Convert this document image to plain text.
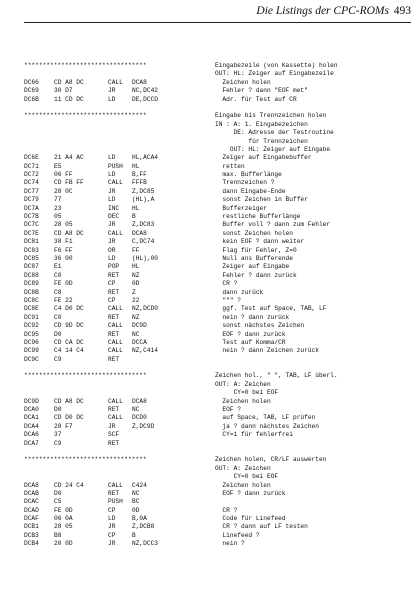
Die Listings der CPC-ROMs 493
*********************************	Eingabezeile (von Kassette) holen
OUT: HL: Zeiger auf Eingabezeile
DC66 CD A8 DC	CALL DCA8	Zeichen holen
DC69 30 D7	JR	NC,DC42	Fehler ? dann "EOF met"
DC6B 11 CD DC	LD	DE,DCCD	Adr. für Test auf CR
*********************************	Eingabe bis Trennzeichen holen
IN : A: 1. Eingabezeichen
DE: Adresse der Testroutine
für Trennzeichen
OUT: HL: Zeiger auf Eingabe
DC6E 21 A4 AC	LD	HL,ACA4	Zeiger auf Eingabebuffer
DC71 E5	PUSH HL	retten
DC72 06 FF	LD	B,FF	max. Bufferlänge
DC74 CD FB FF	CALL FFFB	Trennzeichen ?
DC77 28 0C	JR	Z,DC85	dann Eingabe-Ende
DC79 77	LD	(HL),A	sonst Zeichen in Buffer
DC7A 23	INC HL	Bufferzeiger
DC7B 05	DEC B	restliche Bufferlänge
DC7C 28 05	JR	Z,DC83	Buffer voll ? dann zum Fehler
DC7E CD A8 DC	CALL DCA8	sonst Zeichen holen
DC81 38 F1	JR	C,DC74	kein EOF ? dann weiter
DC83 F6 FF	OR	FF	Flag für Fehler, Z=0
DC85 36 00	LD	(HL),00	Null ans Bufferende
DC87 E1	POP HL	Zeiger auf Eingabe
DC88 C0	RET NZ	Fehler ? dann zurück
DC89 FE 0D	CP	0D	CR ?
DC8B C8	RET Z	dann zurück
DC8C FE 22	CP	22	""" ?
DC8E C4 D0 DC	CALL NZ,DCD0	ggf. Test auf Space, TAB, LF
DC91 C0	RET NZ	nein ? dann zurück
DC92 CD 9D DC	CALL DC9D	sonst nächstes Zeichen
DC95 D0	RET NC	EOF ? dann zurück
DC96 CD CA DC	CALL DCCA	Test auf Komma/CR
DC99 C4 14 C4	CALL NZ,C414	nein ? dann Zeichen zurück
DC9C C9	RET
*********************************	Zeichen hol., " ", TAB, LF überl.
OUT: A: Zeichen
CY=0 bei EOF
DC9D CD A8 DC	CALL DCA8	Zeichen holen
DCA0 D0	RET NC	EOF ?
DCA1 CD D0 DC	CALL DCD0	auf Space, TAB, LF prüfen
DCA4 28 F7	JR	Z,DC9D	ja ? dann nächstes Zeichen
DCA6 37	SCF	CY=1 für fehlerfrei
DCA7 C9	RET
*********************************	Zeichen holen, CR/LF auswerten
OUT: A: Zeichen
CY=0 bei EOF
DCA8 CD 24 C4	CALL C424	Zeichen holen
DCAB D0	RET NC	EOF ? dann zurück
DCAC C5	PUSH BC
DCAD FE 0D	CP	0D	CR ?
DCAF 06 0A	LD	B,0A	Code für Linefeed
DCB1 28 05	JR	Z,DCB8	CR ? dann auf LF testen
DCB3 B8	CP	B	Linefeed ?
DCB4 20 0D	JR	NZ,DCC3	nein ?
